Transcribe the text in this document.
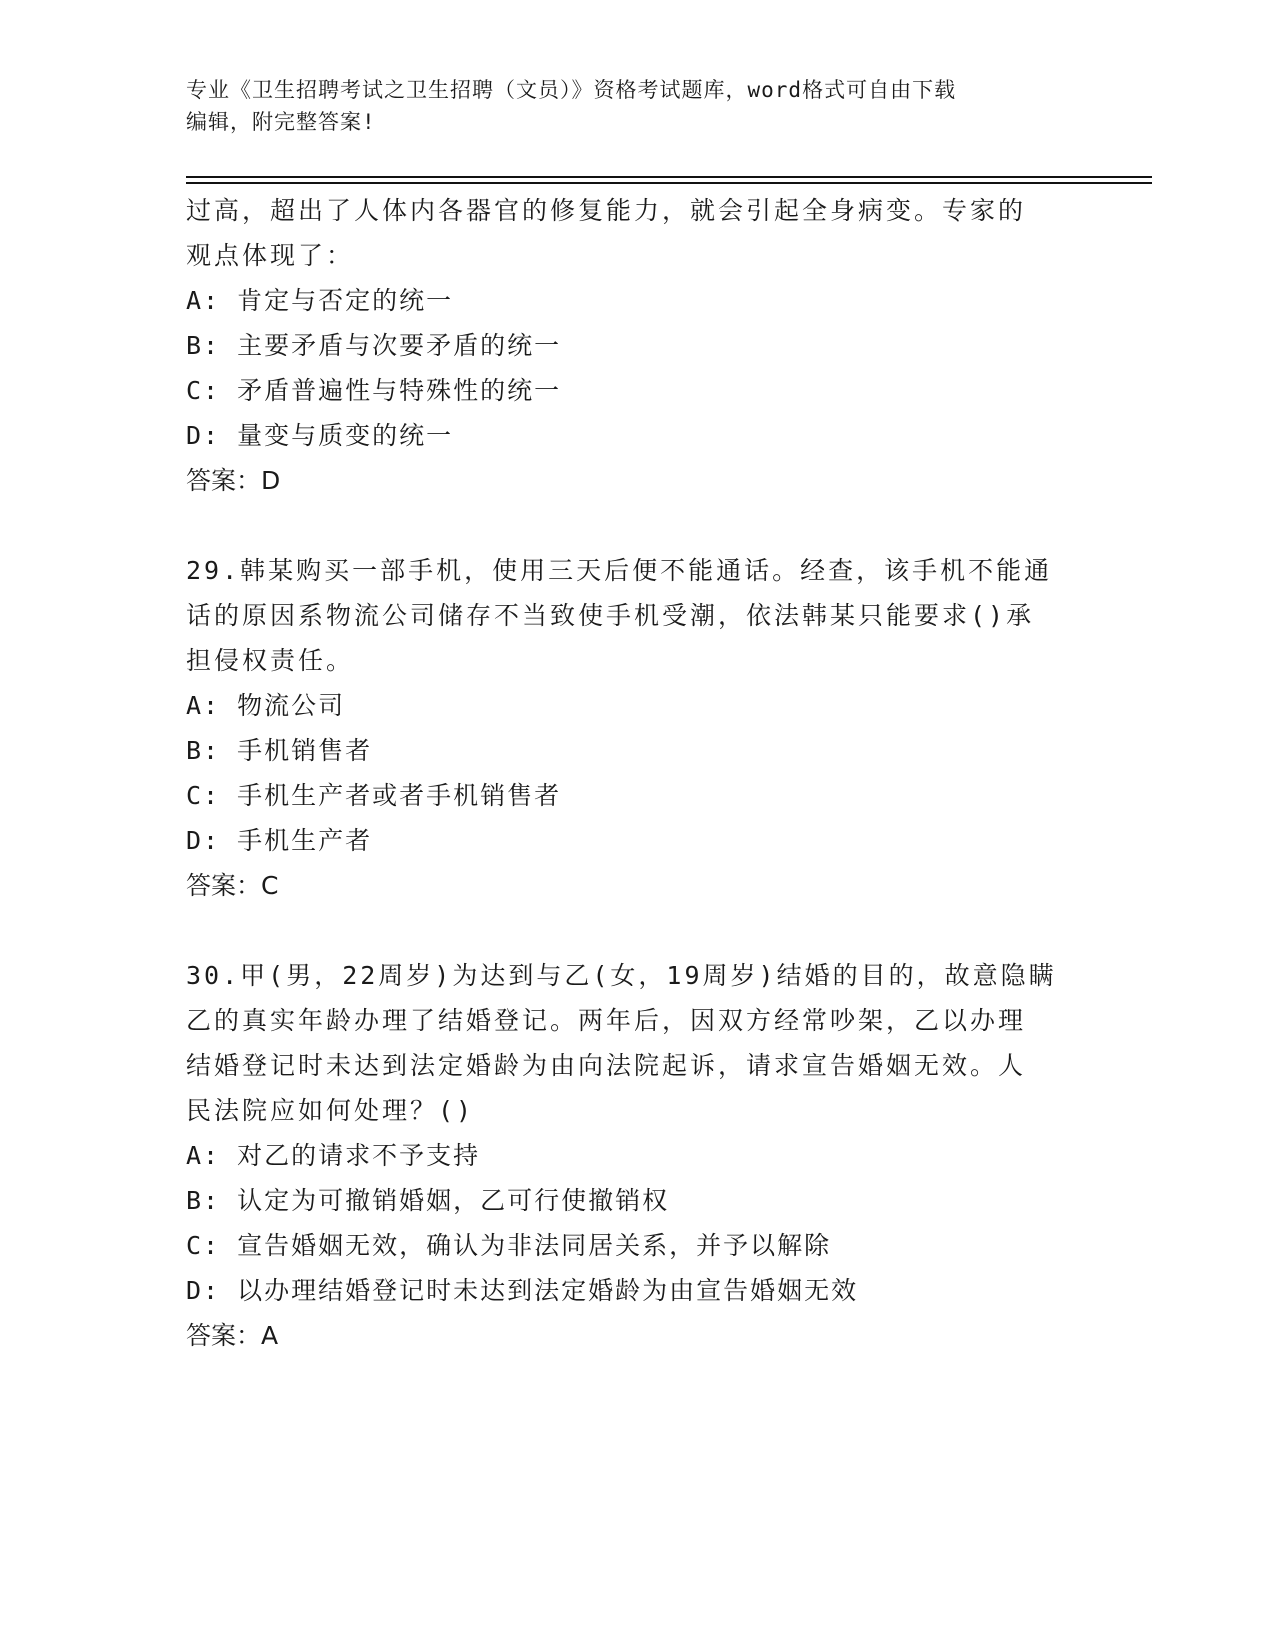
专业《卫生招聘考试之卫生招聘（文员）》资格考试题库，word格式可自由下载

编辑，附完整答案!

过高，超出了人体内各器官的修复能力，就会引起全身病变。专家的
观点体现了：
A: 肯定与否定的统一
B: 主要矛盾与次要矛盾的统一
C: 矛盾普遍性与特殊性的统一
D: 量变与质变的统一
答案：D
29.韩某购买一部手机，使用三天后便不能通话。经查，该手机不能通
话的原因系物流公司储存不当致使手机受潮，依法韩某只能要求()承
担侵权责任。
A: 物流公司
B: 手机销售者
C: 手机生产者或者手机销售者
D: 手机生产者
答案：C
30.甲(男，22周岁)为达到与乙(女，19周岁)结婚的目的，故意隐瞒
乙的真实年龄办理了结婚登记。两年后，因双方经常吵架，乙以办理
结婚登记时未达到法定婚龄为由向法院起诉，请求宣告婚姻无效。人
民法院应如何处理？()
A: 对乙的请求不予支持
B: 认定为可撤销婚姻，乙可行使撤销权
C: 宣告婚姻无效，确认为非法同居关系，并予以解除
D: 以办理结婚登记时未达到法定婚龄为由宣告婚姻无效
答案：A
